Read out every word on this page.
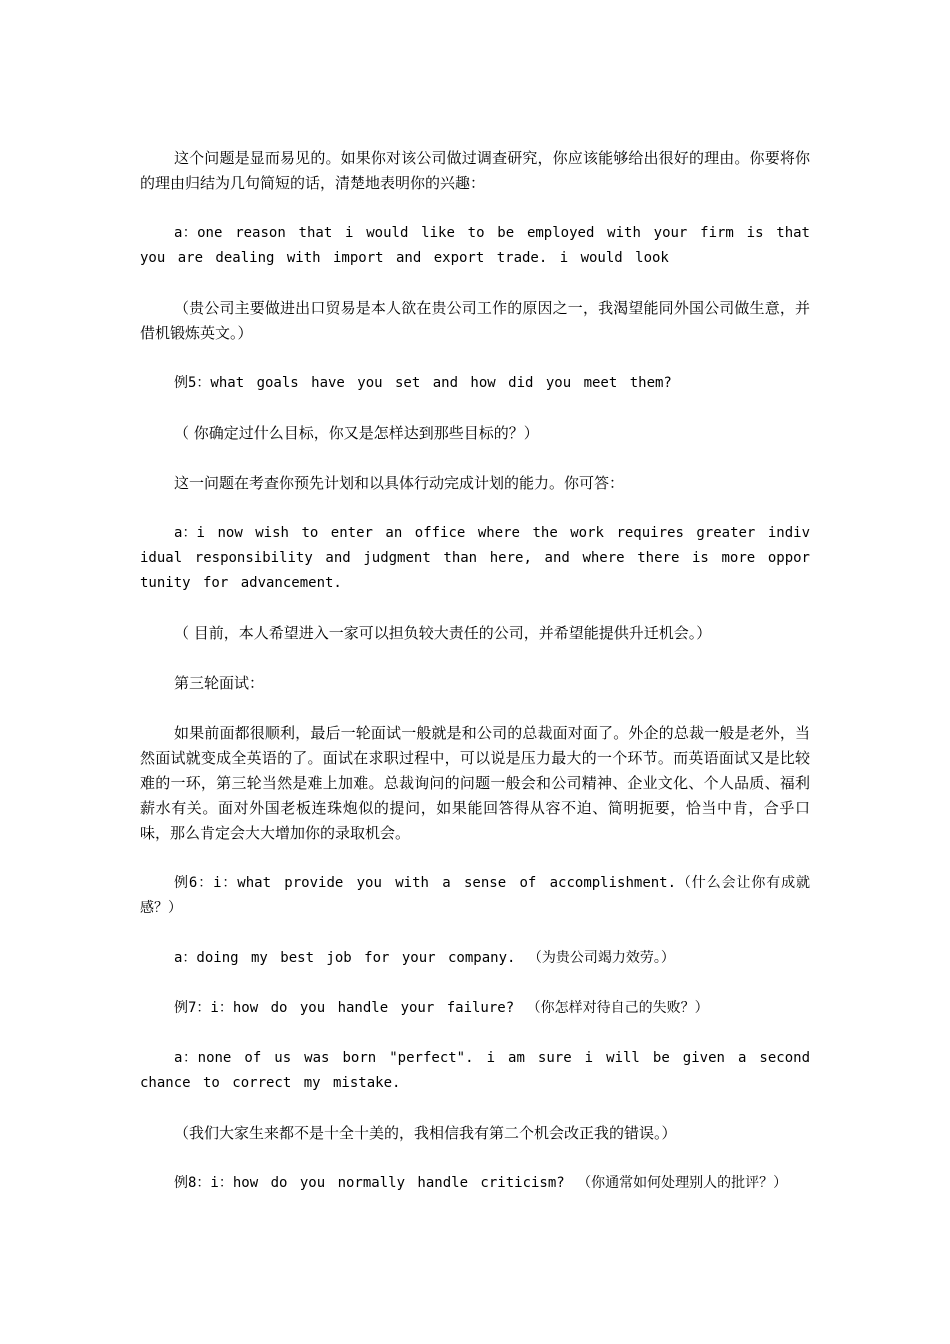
这个问题是显而易见的。如果你对该公司做过调查研究，你应该能够给出很好的理由。你要将你的理由归结为几句简短的话，清楚地表明你的兴趣：

a：one reason that i would like to be employed with your firm is that you are dealing with import and export trade. i would look

（贵公司主要做进出口贸易是本人欲在贵公司工作的原因之一，我渴望能同外国公司做生意，并借机锻炼英文。）

例5：what goals have you set and how did you meet them?

（ 你确定过什么目标，你又是怎样达到那些目标的？）

这一问题在考查你预先计划和以具体行动完成计划的能力。你可答：

a：i now wish to enter an office where the work requires greater individual responsibility and judgment than here, and where there is more opportunity for advancement.

（ 目前，本人希望进入一家可以担负较大责任的公司，并希望能提供升迁机会。）

第三轮面试：

如果前面都很顺利，最后一轮面试一般就是和公司的总裁面对面了。外企的总裁一般是老外，当然面试就变成全英语的了。面试在求职过程中，可以说是压力最大的一个环节。而英语面试又是比较难的一环，第三轮当然是难上加难。总裁询问的问题一般会和公司精神、企业文化、个人品质、福利薪水有关。面对外国老板连珠炮似的提问，如果能回答得从容不迫、简明扼要，恰当中肯，合乎口味，那么肯定会大大增加你的录取机会。

例6：i：what provide you with a sense of accomplishment.（什么会让你有成就感？）

a：doing my best job for your company. （为贵公司竭力效劳。）

例7：i：how do you handle your failure? （你怎样对待自己的失败？）

a：none of us was born "perfect". i am sure i will be given a second chance to correct my mistake.

（我们大家生来都不是十全十美的，我相信我有第二个机会改正我的错误。）

例8：i：how do you normally handle criticism? （你通常如何处理别人的批评？）
